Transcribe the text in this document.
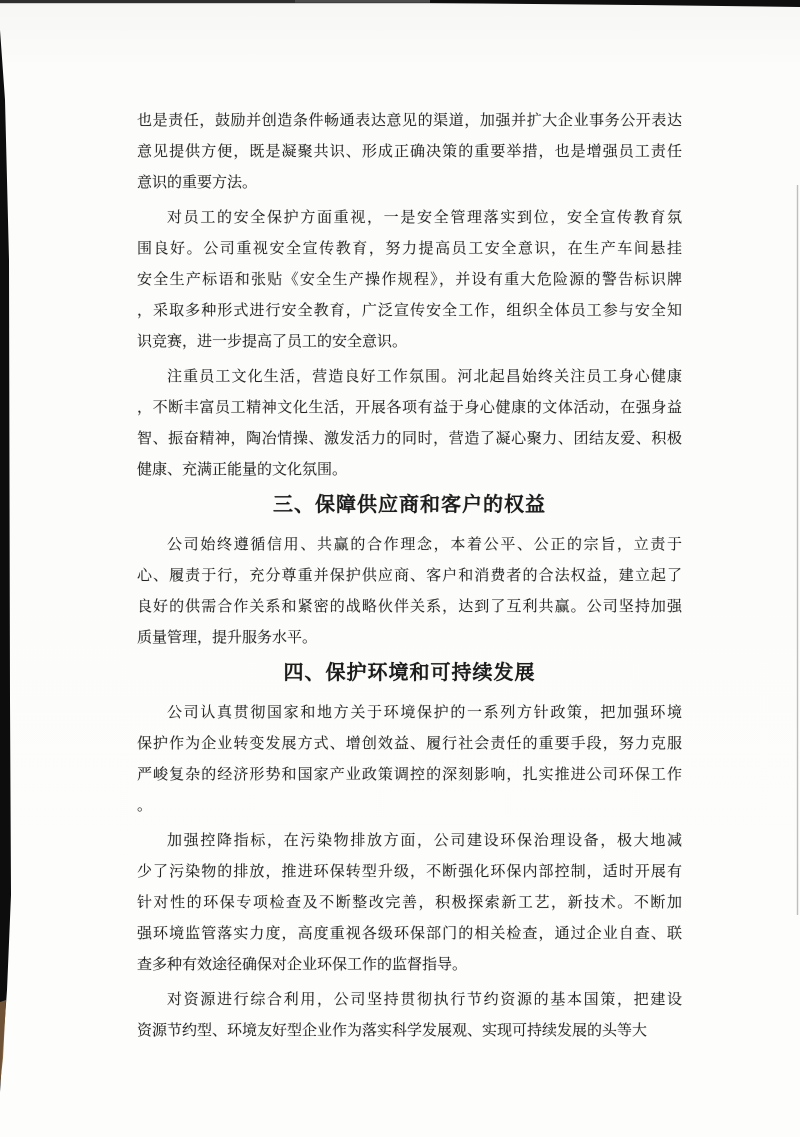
也是责任，鼓励并创造条件畅通表达意见的渠道，加强并扩大企业事务公开表达
意见提供方便，既是凝聚共识、形成正确决策的重要举措，也是增强员工责任
意识的重要方法。
对员工的安全保护方面重视，一是安全管理落实到位，安全宣传教育氛
围良好。公司重视安全宣传教育，努力提高员工安全意识，在生产车间悬挂
安全生产标语和张贴《安全生产操作规程》，并设有重大危险源的警告标识牌
，采取多种形式进行安全教育，广泛宣传安全工作，组织全体员工参与安全知
识竞赛，进一步提高了员工的安全意识。
注重员工文化生活，营造良好工作氛围。河北起昌始终关注员工身心健康
，不断丰富员工精神文化生活，开展各项有益于身心健康的文体活动，在强身益
智、振奋精神，陶冶情操、激发活力的同时，营造了凝心聚力、团结友爱、积极
健康、充满正能量的文化氛围。
三、保障供应商和客户的权益
公司始终遵循信用、共赢的合作理念，本着公平、公正的宗旨，立责于
心、履责于行，充分尊重并保护供应商、客户和消费者的合法权益，建立起了
良好的供需合作关系和紧密的战略伙伴关系，达到了互利共赢。公司坚持加强
质量管理，提升服务水平。
四、保护环境和可持续发展
公司认真贯彻国家和地方关于环境保护的一系列方针政策，把加强环境
保护作为企业转变发展方式、增创效益、履行社会责任的重要手段，努力克服
严峻复杂的经济形势和国家产业政策调控的深刻影响，扎实推进公司环保工作
。
加强控降指标，在污染物排放方面，公司建设环保治理设备，极大地减
少了污染物的排放，推进环保转型升级，不断强化环保内部控制，适时开展有
针对性的环保专项检查及不断整改完善，积极探索新工艺，新技术。不断加
强环境监管落实力度，高度重视各级环保部门的相关检查，通过企业自查、联
查多种有效途径确保对企业环保工作的监督指导。
对资源进行综合利用，公司坚持贯彻执行节约资源的基本国策，把建设
资源节约型、环境友好型企业作为落实科学发展观、实现可持续发展的头等大
